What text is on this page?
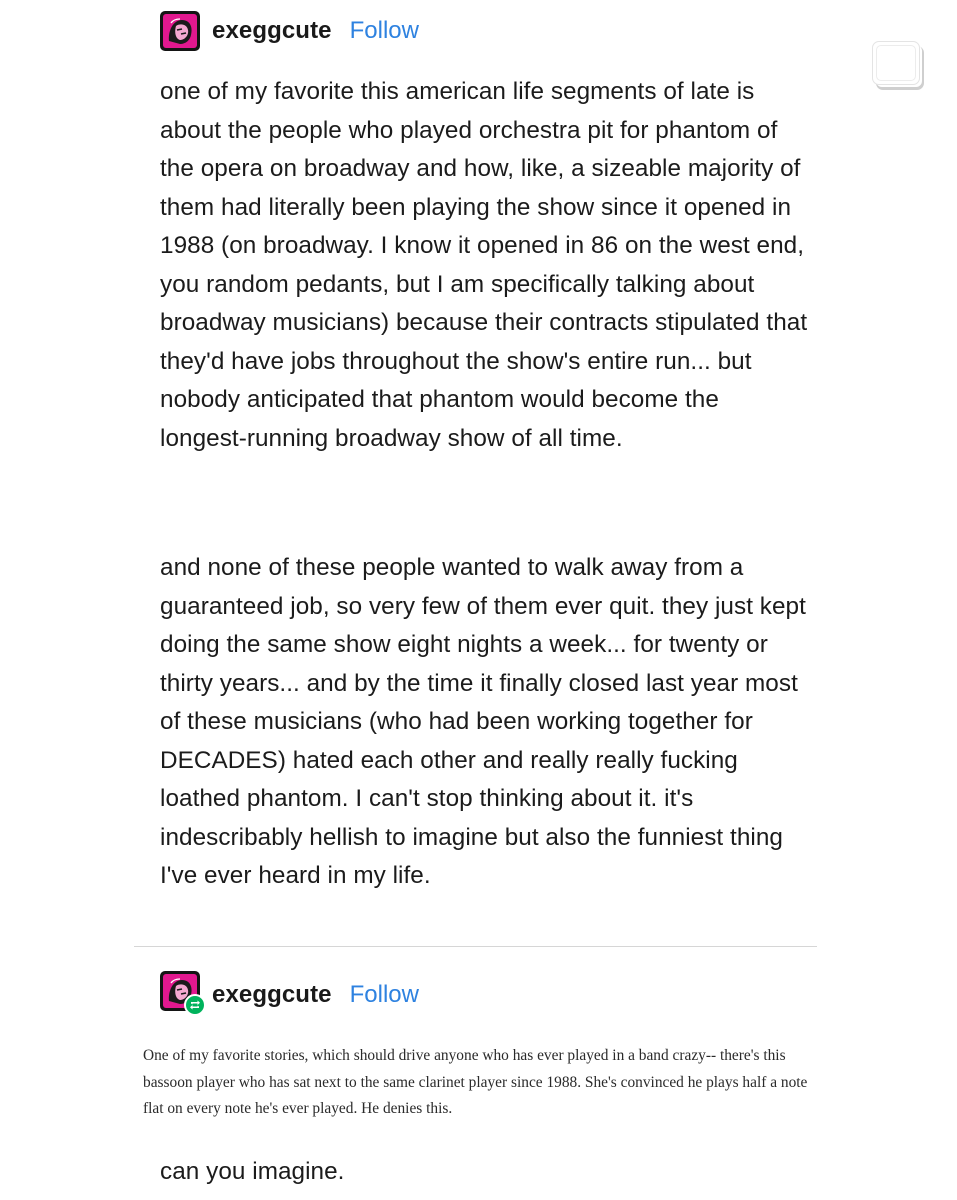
exeggcute Follow

one of my favorite this american life segments of late is about the people who played orchestra pit for phantom of the opera on broadway and how, like, a sizeable majority of them had literally been playing the show since it opened in 1988 (on broadway. I know it opened in 86 on the west end, you random pedants, but I am specifically talking about broadway musicians) because their contracts stipulated that they'd have jobs throughout the show's entire run... but nobody anticipated that phantom would become the longest-running broadway show of all time.

and none of these people wanted to walk away from a guaranteed job, so very few of them ever quit. they just kept doing the same show eight nights a week... for twenty or thirty years... and by the time it finally closed last year most of these musicians (who had been working together for DECADES) hated each other and really really fucking loathed phantom. I can't stop thinking about it. it's indescribably hellish to imagine but also the funniest thing I've ever heard in my life.

exeggcute Follow

One of my favorite stories, which should drive anyone who has ever played in a band crazy-- there's this bassoon player who has sat next to the same clarinet player since 1988. She's convinced he plays half a note flat on every note he's ever played. He denies this.

can you imagine.
